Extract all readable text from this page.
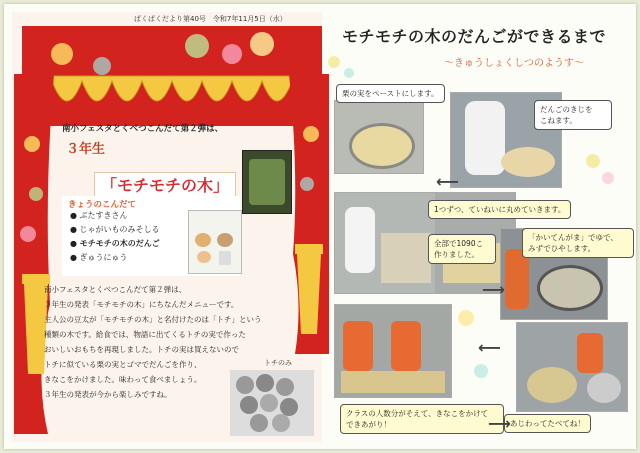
ばくばくだより第40号　令和7年11月5日（水）
南小フェスタとくべつこんだて第２弾は、
３年生
「モチモチの木」
きょうのこんだて
● ぶたすきさん
● じゃがいものみそしる
● モチモチの木のだんご
● ぎゅうにゅう
南小フェスタとくべつこんだて第２弾は、
３年生の発表「モチモチの木」にちなんだメニューです。
主人公の豆太が「モチモチの木」と名付けたのは「トチ」という
種類の木です。給食では、物語に出てくるトチの実で作った
おいしいおもちを再現しました。トチの実は買えないので
トチに似ている栗の実とゴマでだんごを作り、
きなこをかけました。味わって食べましょう。
３年生の発表が今から楽しみですね。
トチのみ
モチモチの木のだんごができるまで
～きゅうしょくしつのようす～
栗の実をペーストにします。
だんごのきじを
こねます。
1つずつ、ていねいに丸めていきます。
全部で1090こ
作りました。
「かいてんがま」でゆで、
みずでひやします。
クラスの人数分がそえて、きなこをかけて
できあがり！	あじわってたべてね！
⟵
⟶
⟵
⟶
